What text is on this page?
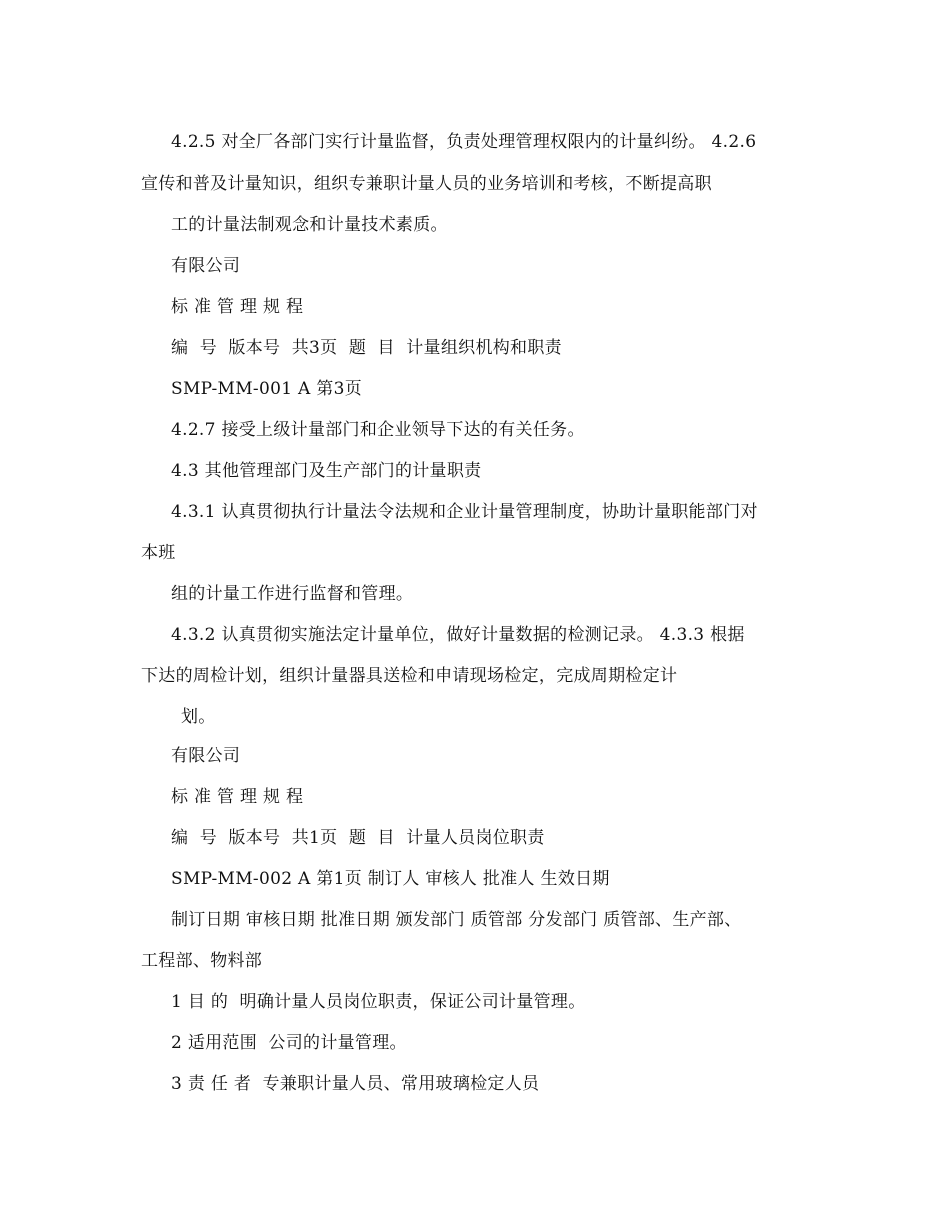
4.2.5 对全厂各部门实行计量监督，负责处理管理权限内的计量纠纷。 4.2.6

宣传和普及计量知识，组织专兼职计量人员的业务培训和考核，不断提高职

工的计量法制观念和计量技术素质。

有限公司

标 准 管 理 规 程

编  号  版本号  共3页  题  目  计量组织机构和职责

SMP-MM-001 A 第3页

4.2.7 接受上级计量部门和企业领导下达的有关任务。

4.3 其他管理部门及生产部门的计量职责

4.3.1 认真贯彻执行计量法令法规和企业计量管理制度，协助计量职能部门对

本班

组的计量工作进行监督和管理。

4.3.2 认真贯彻实施法定计量单位，做好计量数据的检测记录。 4.3.3 根据

下达的周检计划，组织计量器具送检和申请现场检定，完成周期检定计

划。

有限公司

标 准 管 理 规 程

编  号  版本号  共1页  题  目  计量人员岗位职责

SMP-MM-002 A 第1页 制订人 审核人 批准人 生效日期

制订日期 审核日期 批准日期 颁发部门 质管部 分发部门 质管部、生产部、

工程部、物料部

1 目 的  明确计量人员岗位职责，保证公司计量管理。

2 适用范围  公司的计量管理。

3 责 任 者  专兼职计量人员、常用玻璃检定人员
